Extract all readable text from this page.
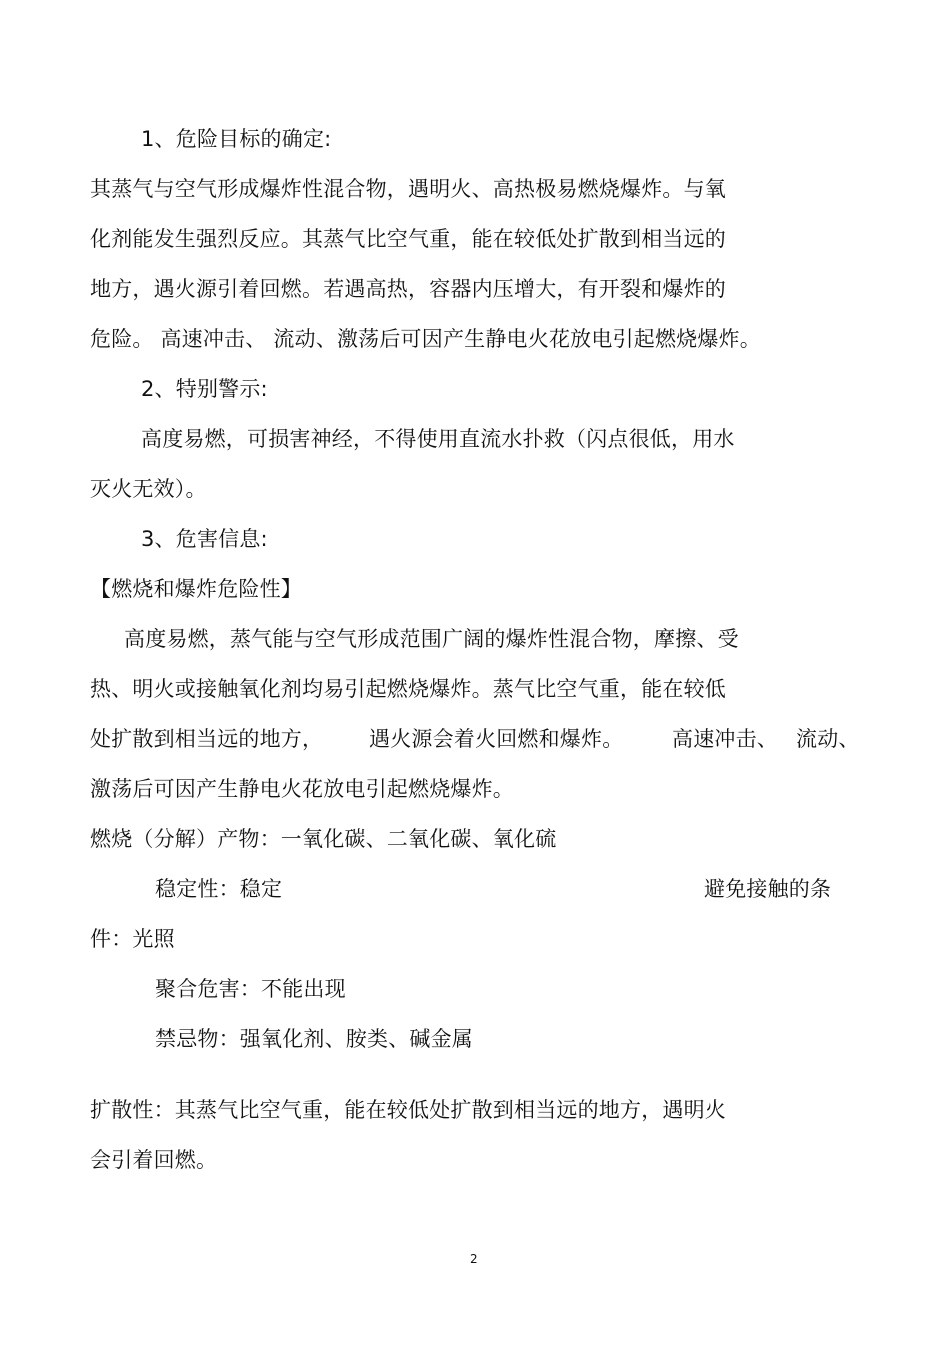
1、危险目标的确定:
其蒸气与空气形成爆炸性混合物，遇明火、高热极易燃烧爆炸。与氧
化剂能发生强烈反应。其蒸气比空气重，能在较低处扩散到相当远的
地方，遇火源引着回燃。若遇高热，容器内压增大，有开裂和爆炸的
危险。 高速冲击、 流动、激荡后可因产生静电火花放电引起燃烧爆炸。
2、特别警示:
高度易燃，可损害神经，不得使用直流水扑救（闪点很低，用水
灭火无效）。
3、危害信息:
【燃烧和爆炸危险性】
高度易燃，蒸气能与空气形成范围广阔的爆炸性混合物，摩擦、受
热、明火或接触氧化剂均易引起燃烧爆炸。蒸气比空气重，能在较低
处扩散到相当远的地方， 遇火源会着火回燃和爆炸。 高速冲击、 流动、
激荡后可因产生静电火花放电引起燃烧爆炸。
燃烧（分解）产物：一氧化碳、二氧化碳、氧化硫
稳定性：稳定	避免接触的条
件：光照
聚合危害：不能出现
禁忌物：强氧化剂、胺类、碱金属
扩散性：其蒸气比空气重，能在较低处扩散到相当远的地方，遇明火
会引着回燃。
2
